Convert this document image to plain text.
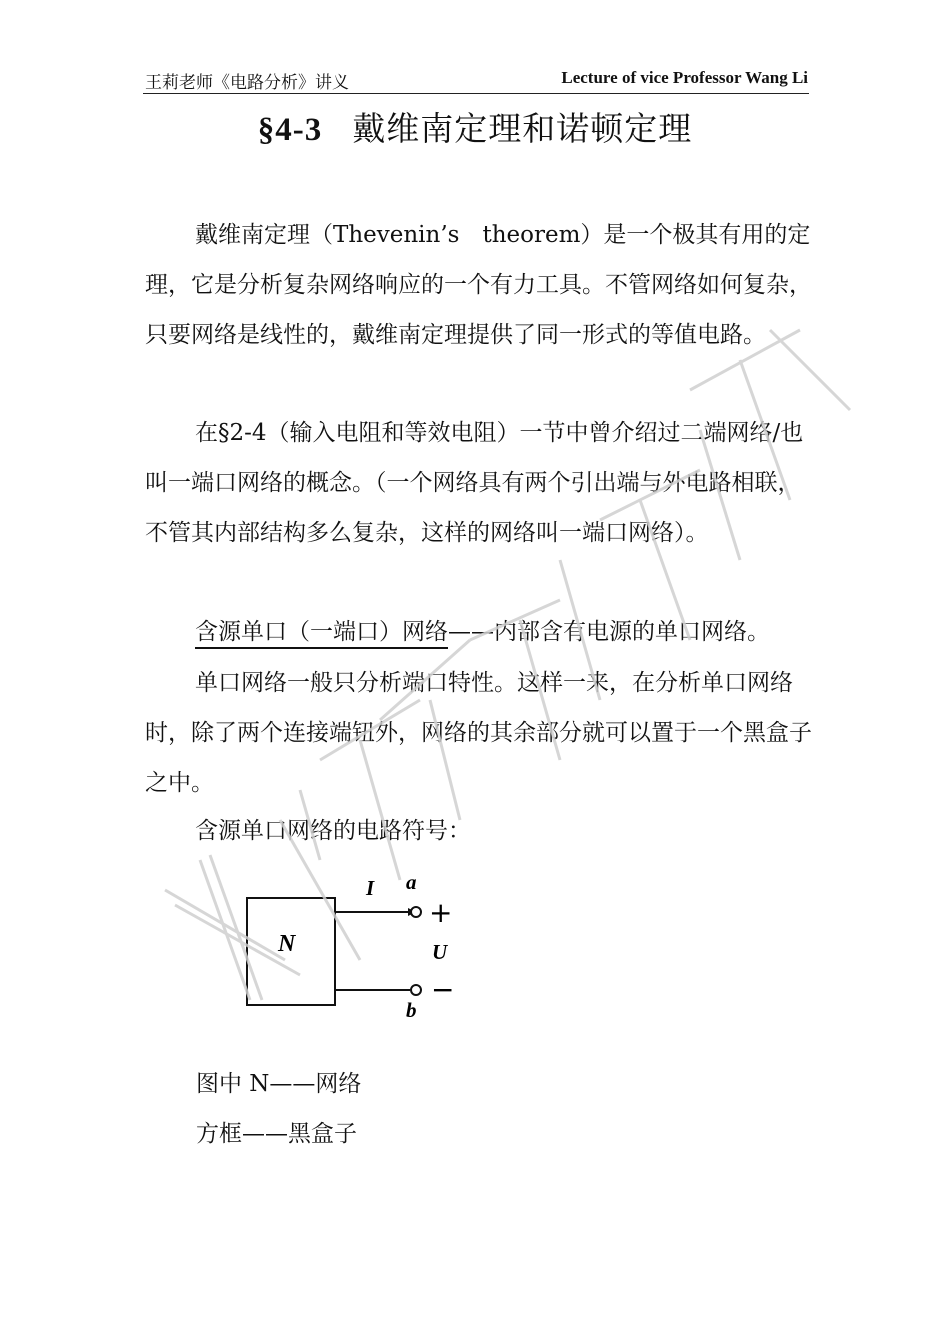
王莉老师《电路分析》讲义	Lecture of vice Professor Wang Li
§4-3 戴维南定理和诺顿定理

戴维南定理（Thevenin’s　theorem）是一个极其有用的定理，它是分析复杂网络响应的一个有力工具。不管网络如何复杂，只要网络是线性的，戴维南定理提供了同一形式的等值电路。

在§2-4（输入电阻和等效电阻）一节中曾介绍过二端网络/也叫一端口网络的概念。（一个网络具有两个引出端与外电路相联，不管其内部结构多么复杂，这样的网络叫一端口网络）。

含源单口（一端口）网络——内部含有电源的单口网络。

单口网络一般只分析端口特性。这样一来，在分析单口网络时，除了两个连接端钮外，网络的其余部分就可以置于一个黑盒子之中。

含源单口网络的电路符号：

N
I a
b
U
+
−
图中 N——网络
方框——黑盒子
